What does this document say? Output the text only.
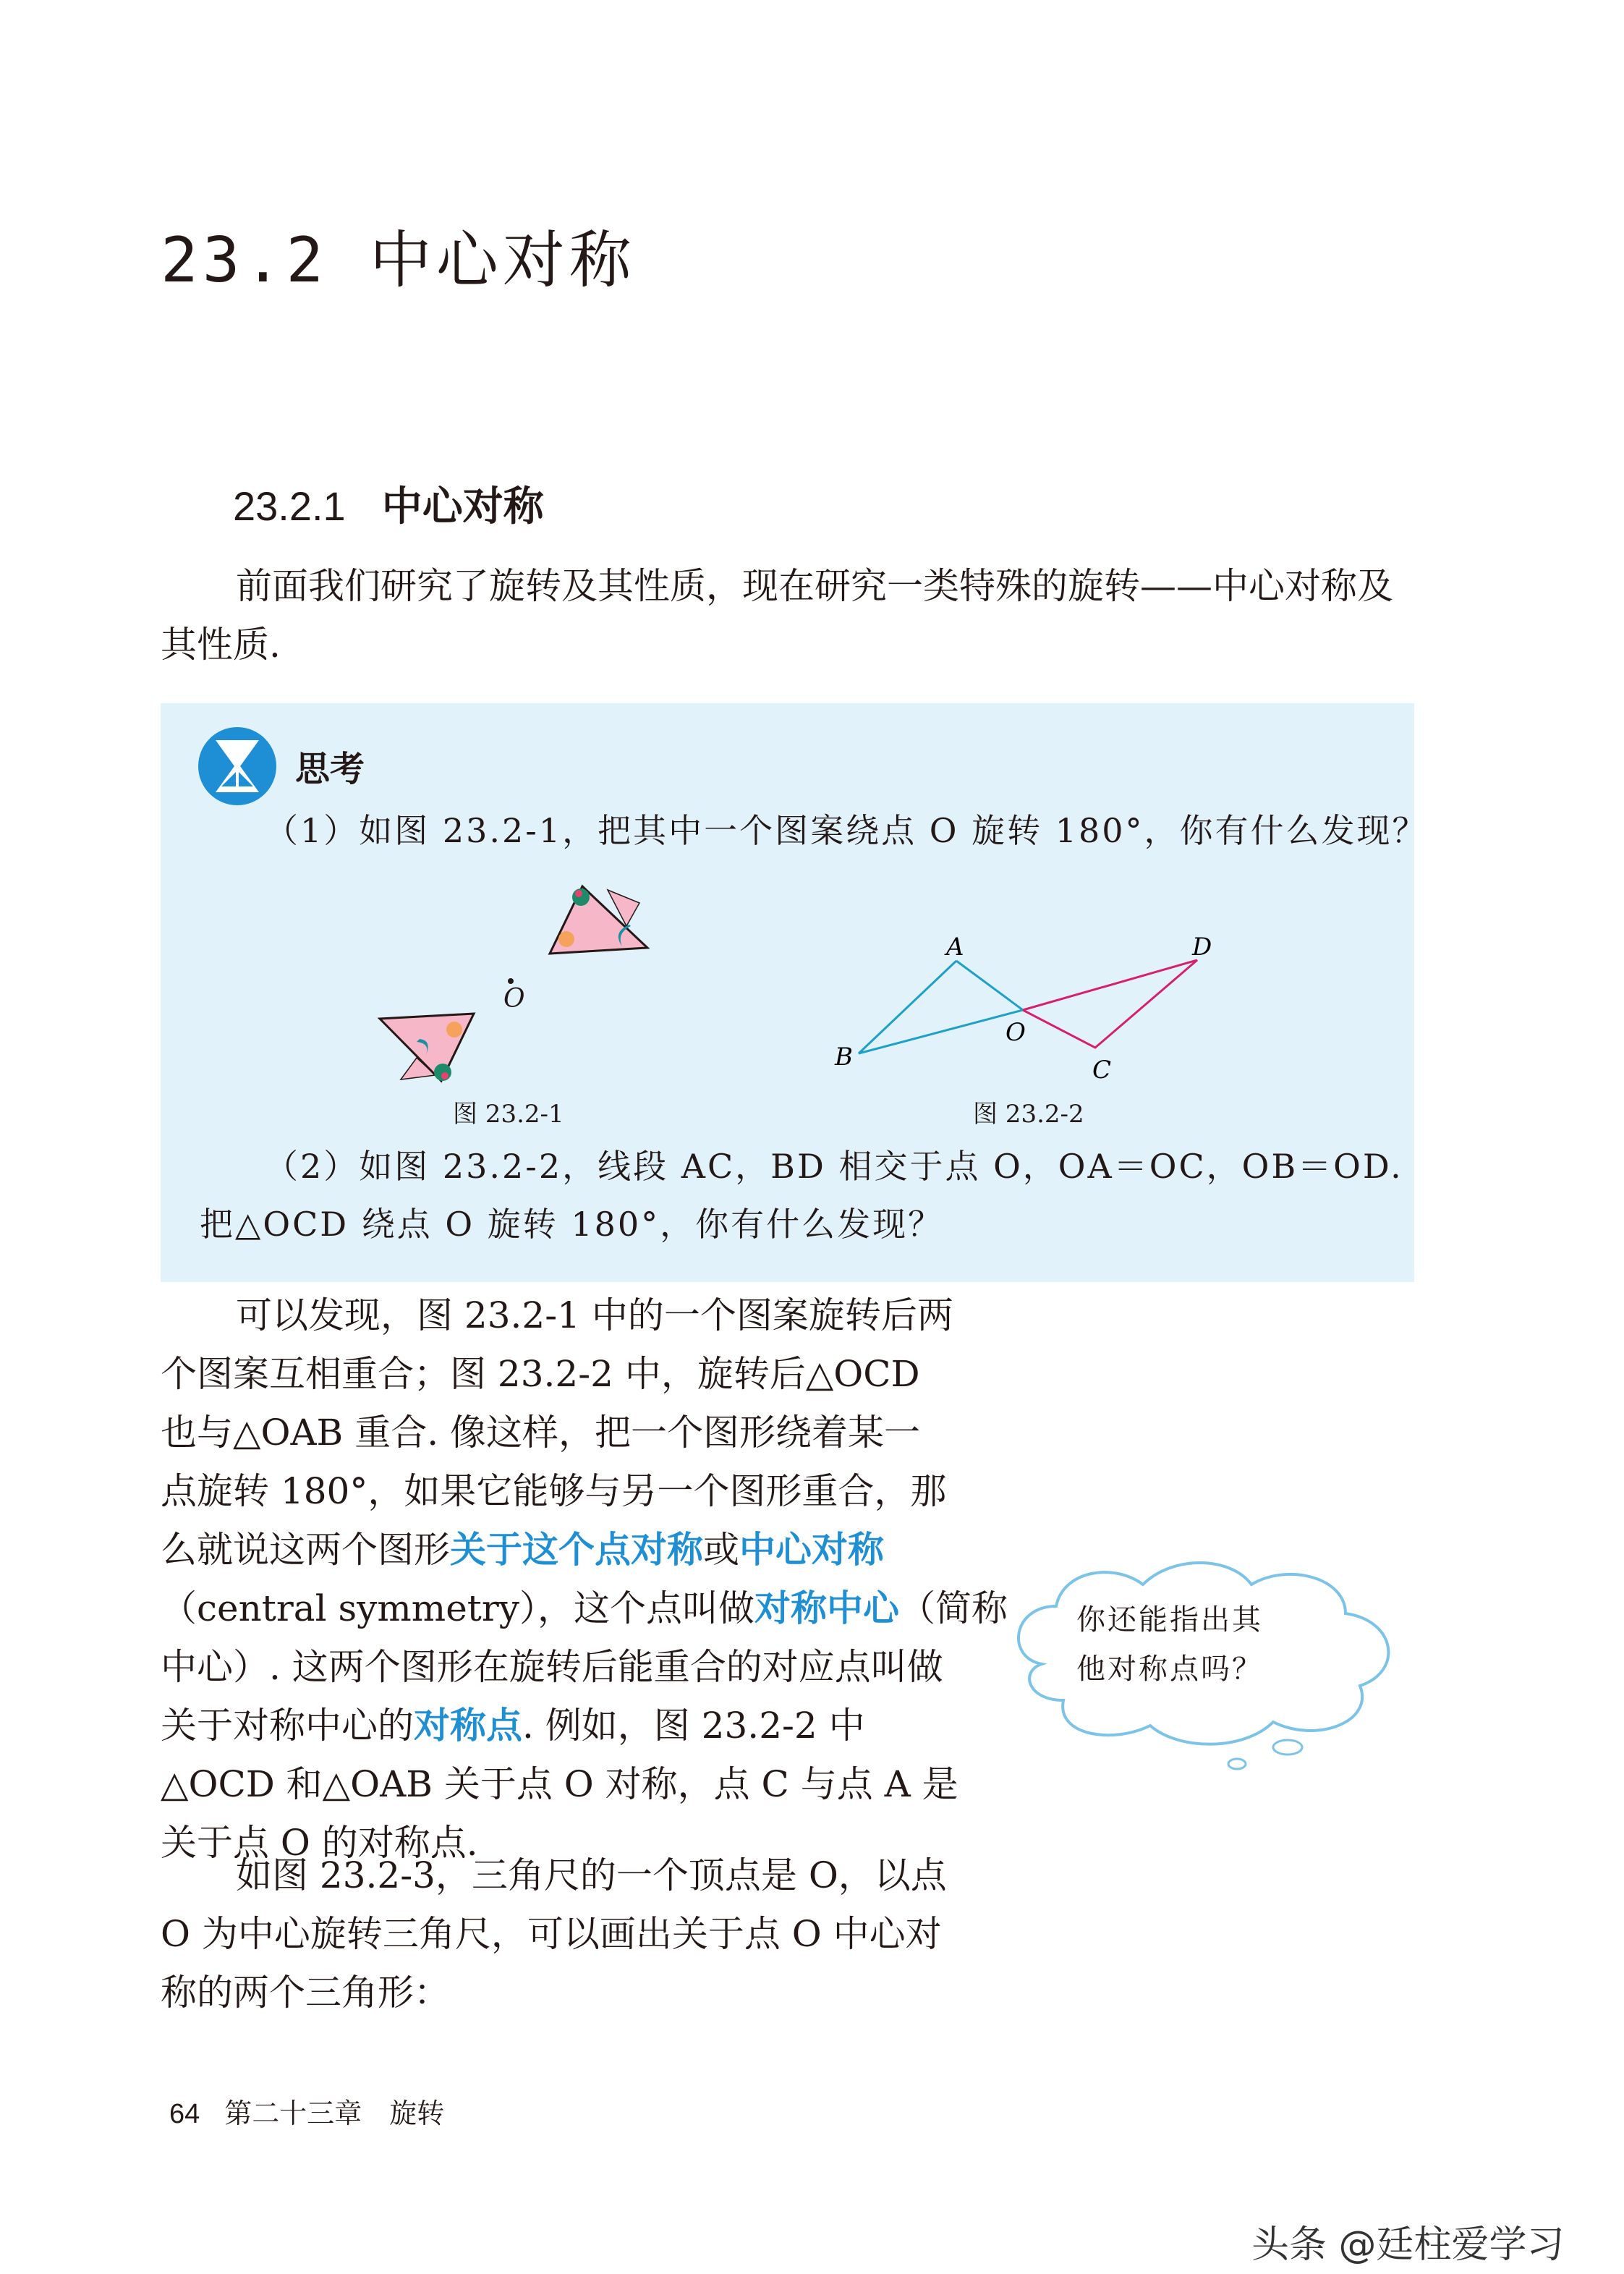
23.2 中心对称
23.2.1 中心对称

前面我们研究了旋转及其性质，现在研究一类特殊的旋转——中心对称及

其性质.

思考
（1）如图 23.2-1，把其中一个图案绕点 O 旋转 180°，你有什么发现？
O
图 23.2-1
A
B	C
D
O
图 23.2-2
（2）如图 23.2-2，线段 AC，BD 相交于点 O，OA＝OC，OB＝OD.
把△OCD 绕点 O 旋转 180°，你有什么发现？

可以发现，图 23.2-1 中的一个图案旋转后两

个图案互相重合；图 23.2-2 中，旋转后△OCD

也与△OAB 重合. 像这样，把一个图形绕着某一

点旋转 180°，如果它能够与另一个图形重合，那

么就说这两个图形关于这个点对称或中心对称

（central symmetry），这个点叫做对称中心（简称

中心）. 这两个图形在旋转后能重合的对应点叫做

关于对称中心的对称点. 例如，图 23.2-2 中

△OCD 和△OAB 关于点 O 对称，点 C 与点 A 是

关于点 O 的对称点.

如图 23.2-3，三角尺的一个顶点是 O，以点

O 为中心旋转三角尺，可以画出关于点 O 中心对

称的两个三角形：

你还能指出其

他对称点吗？

64 第二十三章　旋转
头条 @廷柱爱学习
